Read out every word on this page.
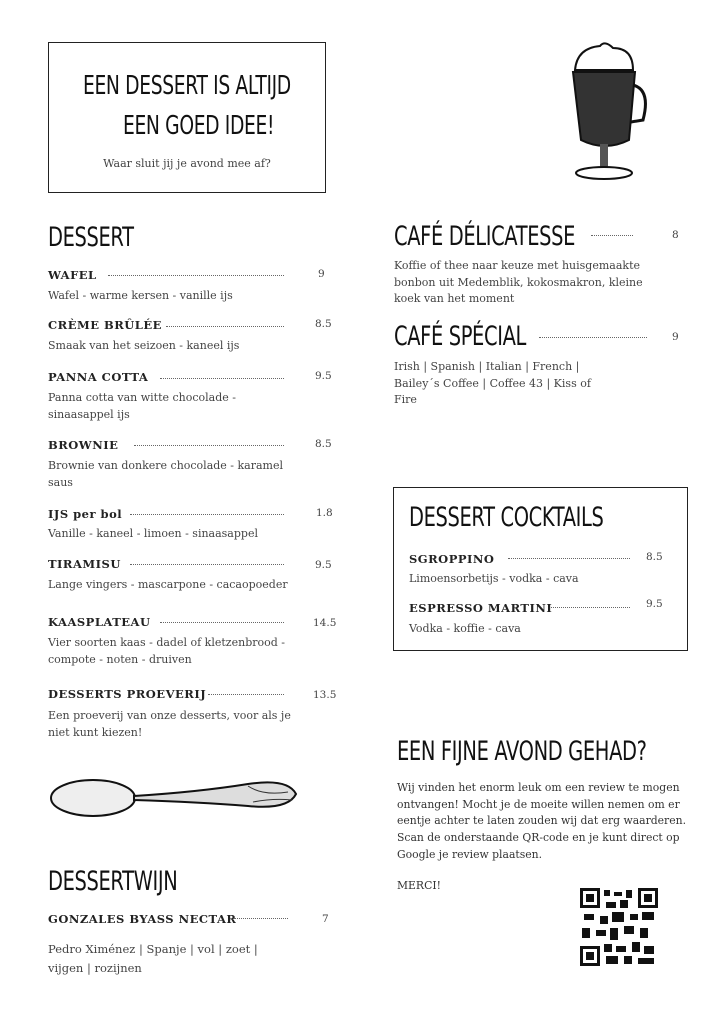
EEN DESSERT IS ALTIJD
EEN GOED IDEE!
Waar sluit jij je avond mee af?
DESSERT
WAFEL	9
Wafel - warme kersen - vanille ijs
CRÈME BRÛLÉE	8.5
Smaak van het seizoen - kaneel ijs
PANNA COTTA	9.5
Panna cotta van witte chocolade - sinaasappel ijs
BROWNIE	8.5
Brownie van donkere chocolade - karamel saus
IJS per bol	1.8
Vanille - kaneel - limoen - sinaasappel
TIRAMISU	9.5
Lange vingers - mascarpone - cacaopoeder
KAASPLATEAU	14.5
Vier soorten kaas - dadel of kletzenbrood - compote - noten - druiven
DESSERTS PROEVERIJ	13.5
Een proeverij van onze desserts, voor als je niet kunt kiezen!
DESSERTWIJN
GONZALES BYASS NECTAR	7
Pedro Ximénez | Spanje | vol | zoet | vijgen | rozijnen
CAFÉ DÉLICATESSE	8
Koffie of thee naar keuze met huisgemaakte bonbon uit Medemblik, kokosmakron, kleine koek van het moment
CAFÉ SPÉCIAL	9
Irish | Spanish | Italian | French | Bailey´s Coffee | Coffee 43 | Kiss of Fire
DESSERT COCKTAILS
SGROPPINO	8.5
Limoensorbetijs - vodka - cava
ESPRESSO MARTINI	9.5
Vodka - koffie - cava
EEN FIJNE AVOND GEHAD?
Wij vinden het enorm leuk om een review te mogen ontvangen! Mocht je de moeite willen nemen om er eentje achter te laten zouden wij dat erg waarderen. Scan de onderstaande QR-code en je kunt direct op Google je review plaatsen.
MERCI!
